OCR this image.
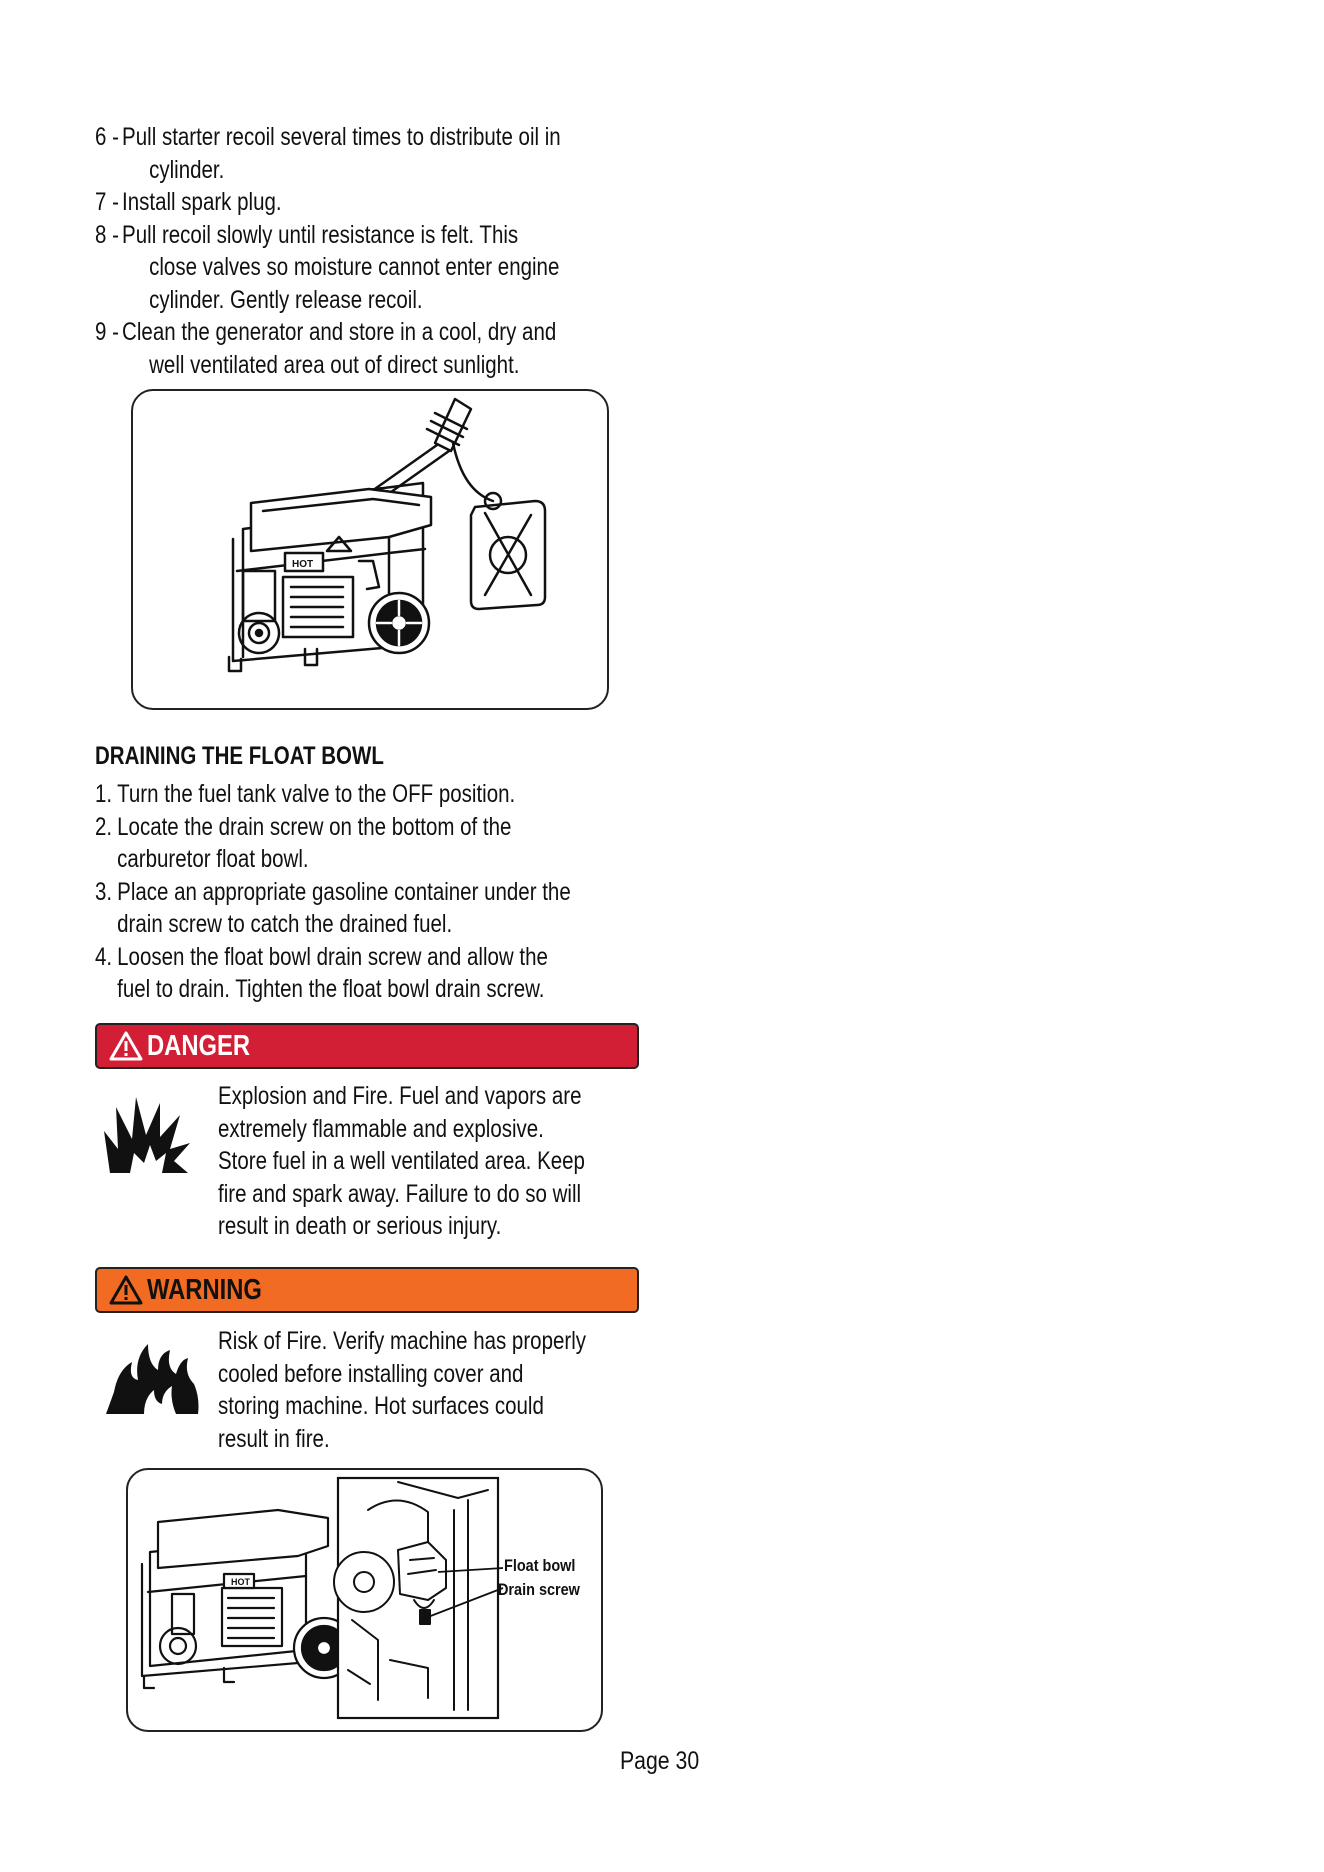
6 - Pull starter recoil several times to distribute oil in
cylinder.
7 - Install spark plug.
8 - Pull recoil slowly until resistance is felt. This
close valves so moisture cannot enter engine
cylinder. Gently release recoil.
9 - Clean the generator and store in a cool, dry and
well ventilated area out of direct sunlight.
HOT
DRAINING THE FLOAT BOWL
1. Turn the fuel tank valve to the OFF position.
2. Locate the drain screw on the bottom of the
carburetor float bowl.
3. Place an appropriate gasoline container under the
drain screw to catch the drained fuel.
4. Loosen the float bowl drain screw and allow the
fuel to drain. Tighten the float bowl drain screw.
DANGER
Explosion and Fire. Fuel and vapors are
extremely flammable and explosive.
Store fuel in a well ventilated area. Keep
fire and spark away. Failure to do so will
result in death or serious injury.
WARNING
Risk of Fire. Verify machine has properly
cooled before installing cover and
storing machine. Hot surfaces could
result in fire.
HOT
Float bowl
Drain screw
Page 30
